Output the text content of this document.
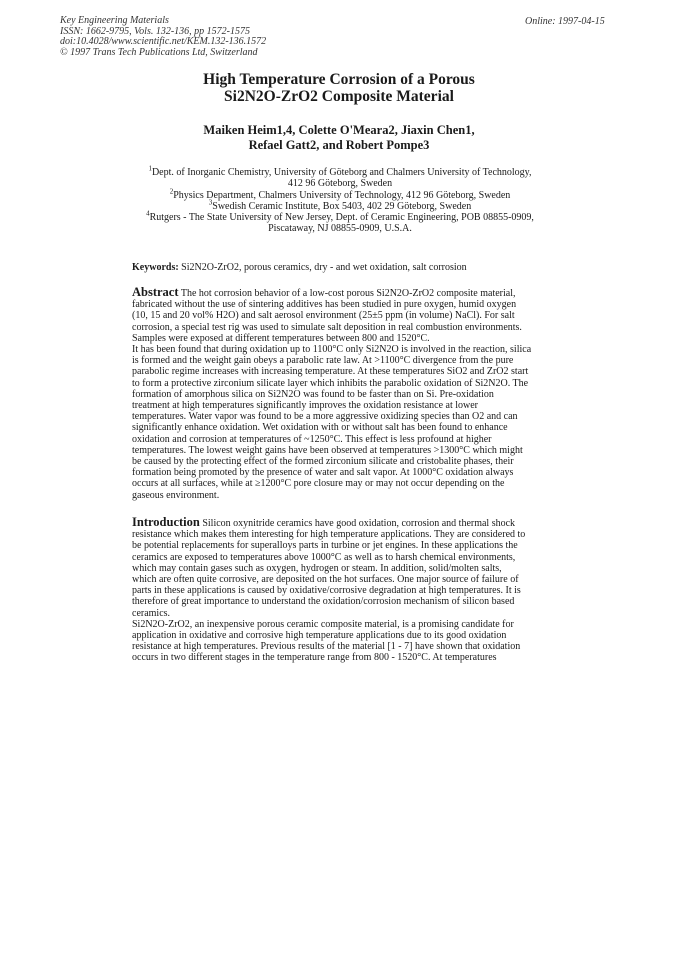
Key Engineering Materials
ISSN: 1662-9795, Vols. 132-136, pp 1572-1575
doi:10.4028/www.scientific.net/KEM.132-136.1572
© 1997 Trans Tech Publications Ltd, Switzerland
Online: 1997-04-15
High Temperature Corrosion of a Porous
Si2N2O-ZrO2 Composite Material
Maiken Heim1,4, Colette O'Meara2, Jiaxin Chen1,
Refael Gatt2, and Robert Pompe3
$^1$Dept. of Inorganic Chemistry, University of Göteborg and Chalmers University of Technology,
412 96 Göteborg, Sweden
$^2$Physics Department, Chalmers University of Technology, 412 96 Göteborg, Sweden
$^3$Swedish Ceramic Institute, Box 5403, 402 29 Göteborg, Sweden
$^4$Rutgers - The State University of New Jersey, Dept. of Ceramic Engineering, POB 08855-0909,
Piscataway, NJ 08855-0909, U.S.A.
Keywords: Si2N2O-ZrO2, porous ceramics, dry - and wet oxidation, salt corrosion
Abstract The hot corrosion behavior of a low-cost porous Si2N2O-ZrO2 composite material,
fabricated without the use of sintering additives has been studied in pure oxygen, humid oxygen
(10, 15 and 20 vol% H2O) and salt aerosol environment (25±5 ppm (in volume) NaCl). For salt
corrosion, a special test rig was used to simulate salt deposition in real combustion environments.
Samples were exposed at different temperatures between 800 and 1520°C.
It has been found that during oxidation up to 1100°C only Si2N2O is involved in the reaction, silica
is formed and the weight gain obeys a parabolic rate law. At >1100°C divergence from the pure
parabolic regime increases with increasing temperature. At these temperatures SiO2 and ZrO2 start
to form a protective zirconium silicate layer which inhibits the parabolic oxidation of Si2N2O. The
formation of amorphous silica on Si2N2O was found to be faster than on Si. Pre-oxidation
treatment at high temperatures significantly improves the oxidation resistance at lower
temperatures. Water vapor was found to be a more aggressive oxidizing species than O2 and can
significantly enhance oxidation. Wet oxidation with or without salt has been found to enhance
oxidation and corrosion at temperatures of ~1250°C. This effect is less profound at higher
temperatures. The lowest weight gains have been observed at temperatures >1300°C which might
be caused by the protecting effect of the formed zirconium silicate and cristobalite phases, their
formation being promoted by the presence of water and salt vapor. At 1000°C oxidation always
occurs at all surfaces, while at ≥1200°C pore closure may or may not occur depending on the
gaseous environment.
Introduction Silicon oxynitride ceramics have good oxidation, corrosion and thermal shock
resistance which makes them interesting for high temperature applications. They are considered to
be potential replacements for superalloys parts in turbine or jet engines. In these applications the
ceramics are exposed to temperatures above 1000°C as well as to harsh chemical environments,
which may contain gases such as oxygen, hydrogen or steam. In addition, solid/molten salts,
which are often quite corrosive, are deposited on the hot surfaces. One major source of failure of
parts in these applications is caused by oxidative/corrosive degradation at high temperatures. It is
therefore of great importance to understand the oxidation/corrosion mechanism of silicon based
ceramics.
Si2N2O-ZrO2, an inexpensive porous ceramic composite material, is a promising candidate for
application in oxidative and corrosive high temperature applications due to its good oxidation
resistance at high temperatures. Previous results of the material [1 - 7] have shown that oxidation
occurs in two different stages in the temperature range from 800 - 1520°C. At temperatures
